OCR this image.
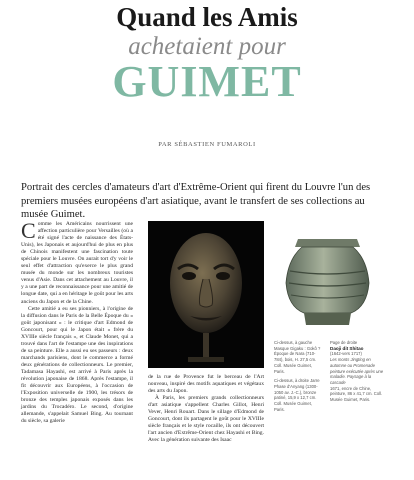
Quand les Amis
achetaient pour
GUIMET
PAR SÉBASTIEN FUMAROLI
Portrait des cercles d'amateurs d'art d'Extrême-Orient qui firent du Louvre l'un des premiers musées européens d'art asiatique, avant le transfert de ses collections au musée Guimet.

Comme les Américains nourrissent une affection particulière pour Versailles (où a été signé l'acte de naissance des États-Unis), les Japonais et aujourd'hui de plus en plus de Chinois manifestent une fascination toute spéciale pour le Louvre. On aurait tort d'y voir le seul effet d'attraction qu'exerce le plus grand musée du monde sur les nombreux touristes venus d'Asie. Dans cet attachement au Louvre, il y a une part de reconnaissance pour une amitié de longue date, qui a en héritage le goût pour les arts anciens du Japon et de la Chine.

Cette amitié a eu ses pionniers, à l'origine de la diffusion dans le Paris de la Belle Époque du « goût japonisant » : le critique d'art Edmond de Goncourt, pour qui le Japon était « frère du XVIIIe siècle français », et Claude Monet, qui a trouvé dans l'art de l'estampe une des inspirations de sa peinture. Elle a aussi eu ses passeurs : deux marchands parisiens, dont le commerce a formé deux générations de collectionneurs. Le premier, Tadamasa Hayashi, est arrivé à Paris après la révolution japonaise de 1868. Après l'estampe, il fit découvrir aux Européens, à l'occasion de l'Exposition universelle de 1900, les trésors de bronze des temples japonais exposés dans les jardins du Trocadéro. Le second, d'origine allemande, s'appelait Samuel Bing. Au tournant du siècle, sa galerie

Ci-dessus, à gauche Masque Gigaku : Gokô ? Époque de Nara (710-784), bois, H. 27,5 cm. Coll. Musée Guimet, Paris.
Ci-dessus, à droite Jarre Phase d'Anyang (1300-1050 av. J.-C.), bronze patiné, 15,9 x 12,7 cm. Coll. Musée Guimet, Paris.
Page de droite
Daoji dit Shitao
(1642-vers 1717)
Les monts Jingting en automne ou Promenade peinture exécutée après une maladie. Paysage à la cascade
1671, encre de Chine, peinture, 86 x 41,7 cm. Coll. Musée Guimet, Paris.

de la rue de Provence fut le berceau de l'Art nouveau, inspiré des motifs aquatiques et végétaux des arts du Japon.

À Paris, les premiers grands collectionneurs d'art asiatique s'appellent Charles Gillot, Henri Vever, Henri Rouart. Dans le sillage d'Edmond de Goncourt, dont ils partagent le goût pour le XVIIIe siècle français et le style rocaille, ils ont découvert l'art ancien d'Extrême-Orient chez Hayashi et Bing. Avec la génération suivante des Isaac
